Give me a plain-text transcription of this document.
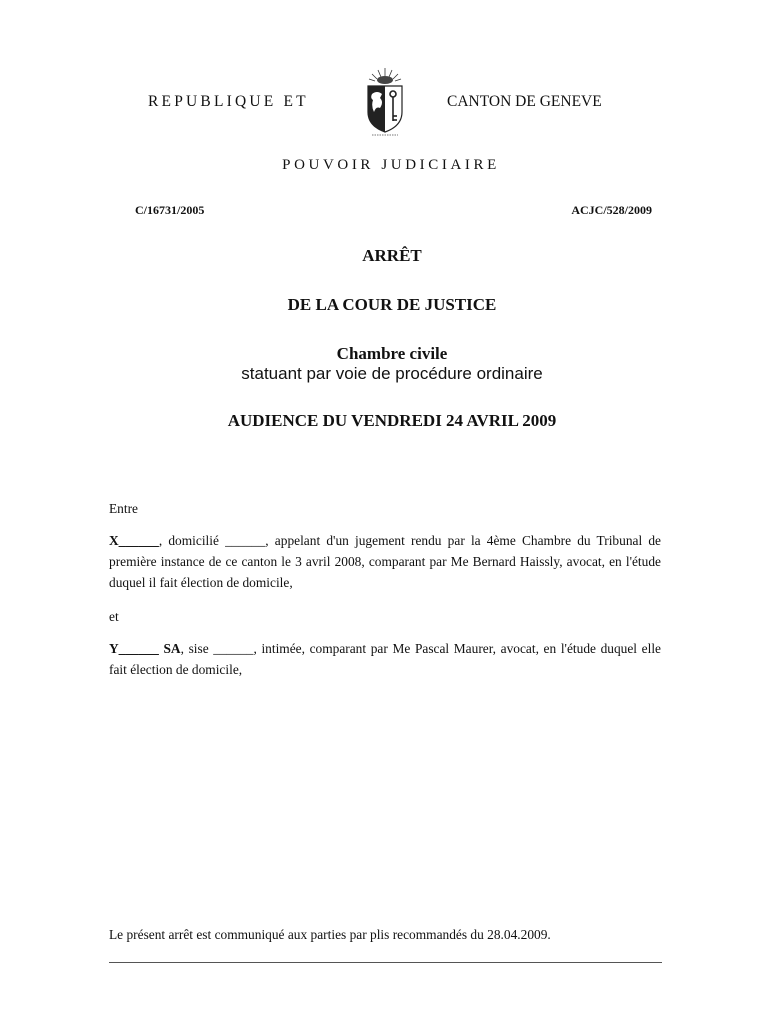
REPUBLIQUE ET	CANTON DE GENEVE
POUVOIR JUDICIAIRE
C/16731/2005	ACJC/528/2009
ARRÊT
DE LA COUR DE JUSTICE
Chambre civile
statuant par voie de procédure ordinaire
AUDIENCE DU VENDREDI 24 AVRIL 2009
Entre
X______, domicilié ______, appelant d'un jugement rendu par la 4ème Chambre du Tribunal de première instance de ce canton le 3 avril 2008, comparant par Me Bernard Haissly, avocat, en l'étude duquel il fait élection de domicile,
et
Y______ SA, sise ______, intimée, comparant par Me Pascal Maurer, avocat, en l'étude duquel elle fait élection de domicile,
Le présent arrêt est communiqué aux parties par plis recommandés du 28.04.2009.
